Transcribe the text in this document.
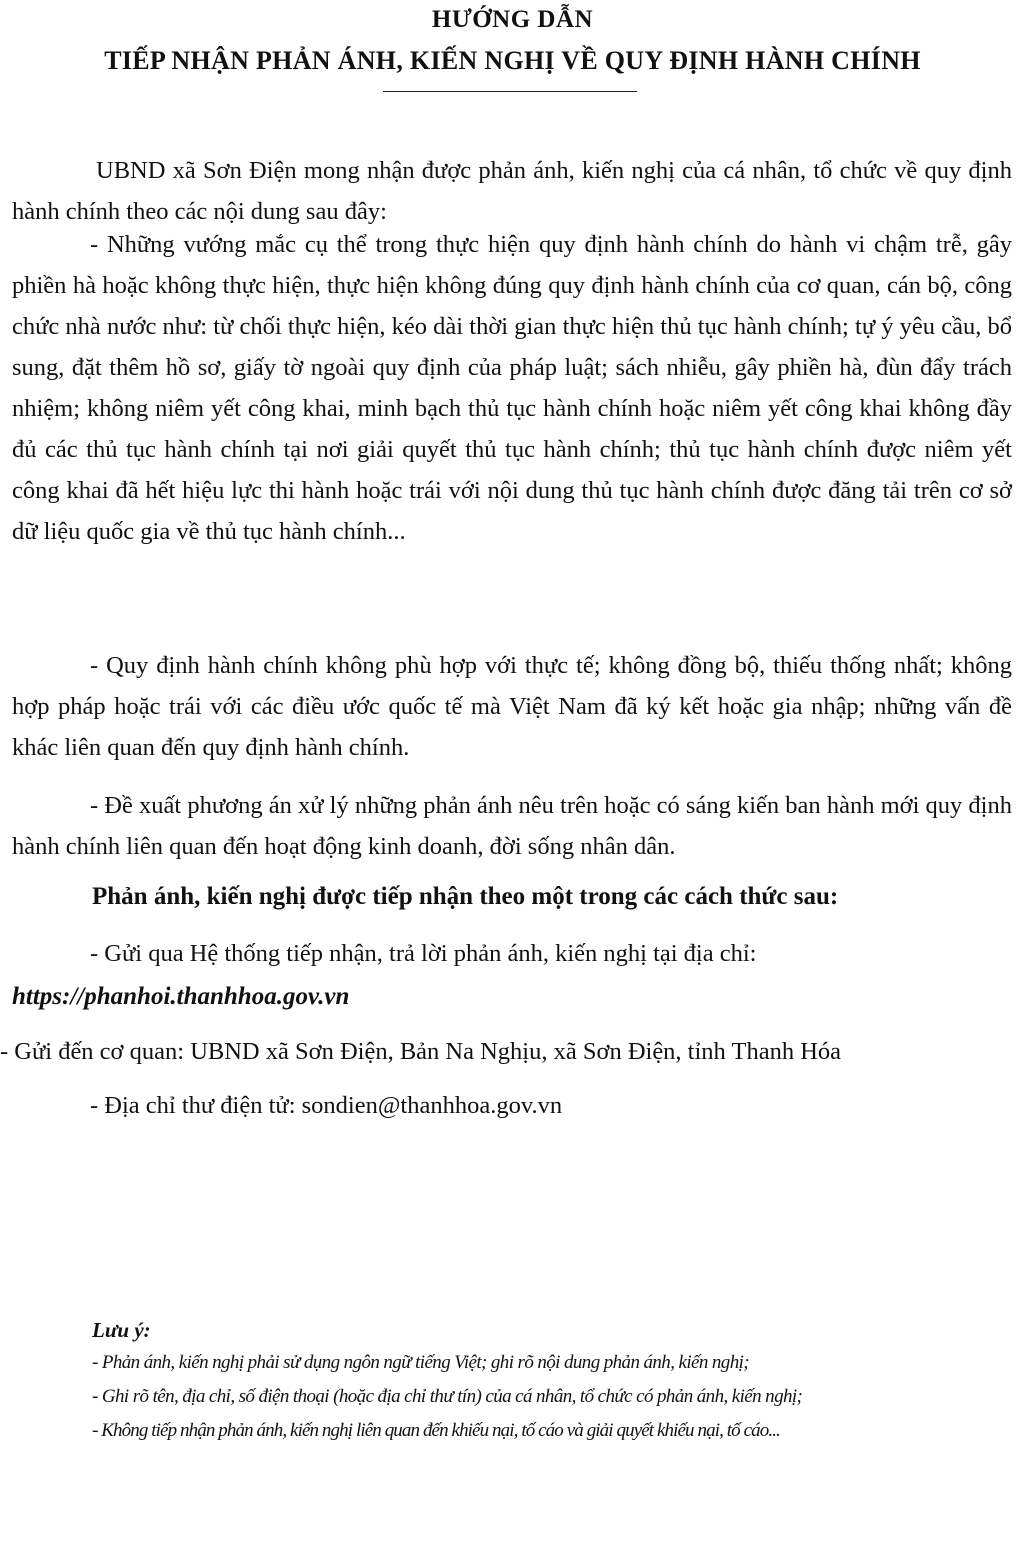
HƯỚNG DẪN
TIẾP NHẬN PHẢN ÁNH, KIẾN NGHỊ VỀ QUY ĐỊNH HÀNH CHÍNH
UBND xã Sơn Điện mong nhận được phản ánh, kiến nghị của cá nhân, tổ chức về quy định hành chính theo các nội dung sau đây:
- Những vướng mắc cụ thể trong thực hiện quy định hành chính do hành vi chậm trễ, gây phiền hà hoặc không thực hiện, thực hiện không đúng quy định hành chính của cơ quan, cán bộ, công chức nhà nước như: từ chối thực hiện, kéo dài thời gian thực hiện thủ tục hành chính; tự ý yêu cầu, bổ sung, đặt thêm hồ sơ, giấy tờ ngoài quy định của pháp luật; sách nhiễu, gây phiền hà, đùn đẩy trách nhiệm; không niêm yết công khai, minh bạch thủ tục hành chính hoặc niêm yết công khai không đầy đủ các thủ tục hành chính tại nơi giải quyết thủ tục hành chính; thủ tục hành chính được niêm yết công khai đã hết hiệu lực thi hành hoặc trái với nội dung thủ tục hành chính được đăng tải trên cơ sở dữ liệu quốc gia về thủ tục hành chính...
- Quy định hành chính không phù hợp với thực tế; không đồng bộ, thiếu thống nhất; không hợp pháp hoặc trái với các điều ước quốc tế mà Việt Nam đã ký kết hoặc gia nhập; những vấn đề khác liên quan đến quy định hành chính.
- Đề xuất phương án xử lý những phản ánh nêu trên hoặc có sáng kiến ban hành mới quy định hành chính liên quan đến hoạt động kinh doanh, đời sống nhân dân.
Phản ánh, kiến nghị được tiếp nhận theo một trong các cách thức sau:
- Gửi qua Hệ thống tiếp nhận, trả lời phản ánh, kiến nghị tại địa chỉ:
https://phanhoi.thanhhoa.gov.vn
- Gửi đến cơ quan: UBND xã Sơn Điện, Bản Na Nghịu, xã Sơn Điện, tỉnh Thanh Hóa
- Địa chỉ thư điện tử: sondien@thanhhoa.gov.vn
Lưu ý:
- Phản ánh, kiến nghị phải sử dụng ngôn ngữ tiếng Việt; ghi rõ nội dung phản ánh, kiến nghị;
- Ghi rõ tên, địa chỉ, số điện thoại (hoặc địa chỉ thư tín) của cá nhân, tổ chức có phản ánh, kiến nghị;
- Không tiếp nhận phản ánh, kiến nghị liên quan đến khiếu nại, tố cáo và giải quyết khiếu nại, tố cáo...
